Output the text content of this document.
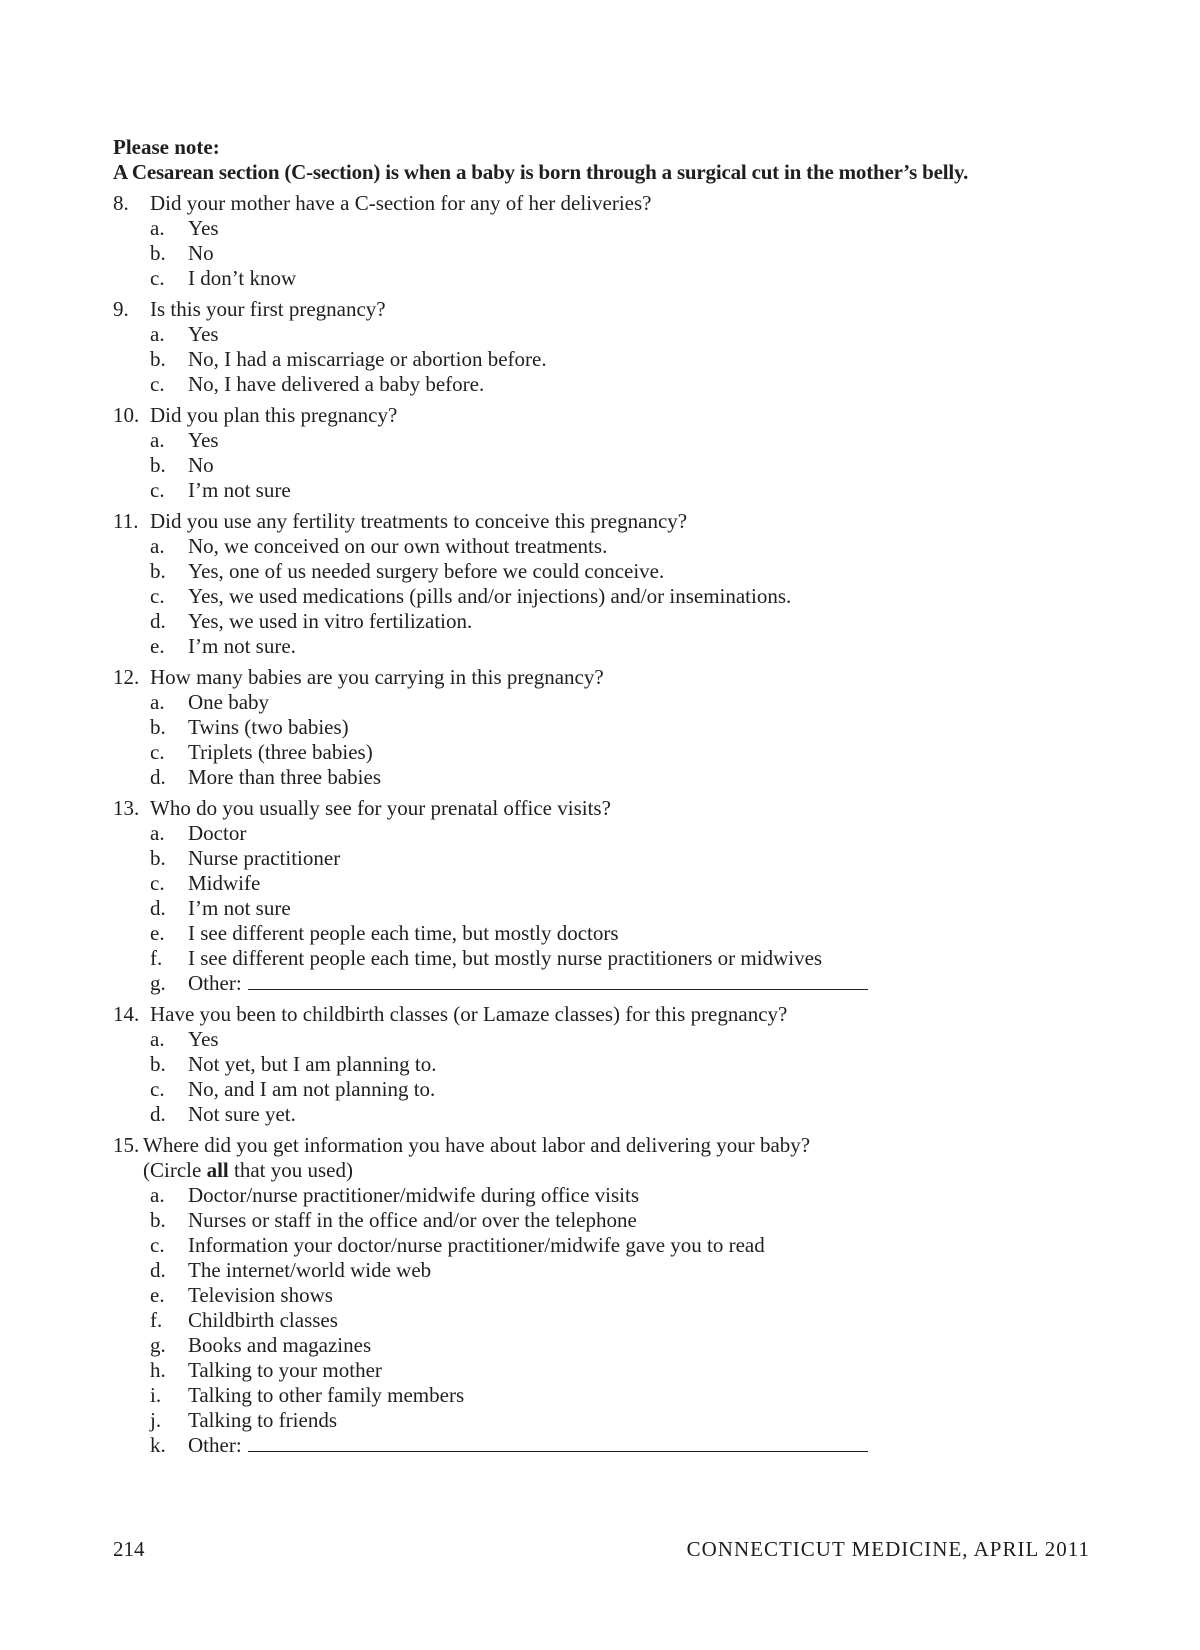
Please note:
A Cesarean section (C-section) is when a baby is born through a surgical cut in the mother’s belly.
8.	Did your mother have a C-section for any of her deliveries?
a.	Yes
b.	No
c.	I don’t know
9.	Is this your first pregnancy?
a.	Yes
b.	No, I had a miscarriage or abortion before.
c.	No, I have delivered a baby before.
10. Did you plan this pregnancy?
a.	Yes
b.	No
c.	I’m not sure
11. Did you use any fertility treatments to conceive this pregnancy?
a.	No, we conceived on our own without treatments.
b.	Yes, one of us needed surgery before we could conceive.
c.	Yes, we used medications (pills and/or injections) and/or inseminations.
d.	Yes, we used in vitro fertilization.
e.	I’m not sure.
12. How many babies are you carrying in this pregnancy?
a.	One baby
b.	Twins (two babies)
c.	Triplets (three babies)
d.	More than three babies
13. Who do you usually see for your prenatal office visits?
a.	Doctor
b.	Nurse practitioner
c.	Midwife
d.	I’m not sure
e.	I see different people each time, but mostly doctors
f.	I see different people each time, but mostly nurse practitioners or midwives
g.	Other:
14. Have you been to childbirth classes (or Lamaze classes) for this pregnancy?
a.	Yes
b.	Not yet, but I am planning to.
c.	No, and I am not planning to.
d.	Not sure yet.
15. Where did you get information you have about labor and delivering your baby?
(Circle all that you used)
a.	Doctor/nurse practitioner/midwife during office visits
b.	Nurses or staff in the office and/or over the telephone
c.	Information your doctor/nurse practitioner/midwife gave you to read
d.	The internet/world wide web
e.	Television shows
f.	Childbirth classes
g.	Books and magazines
h.	Talking to your mother
i.	Talking to other family members
j.	Talking to friends
k.	Other:
214	CONNECTICUT MEDICINE, APRIL 2011
